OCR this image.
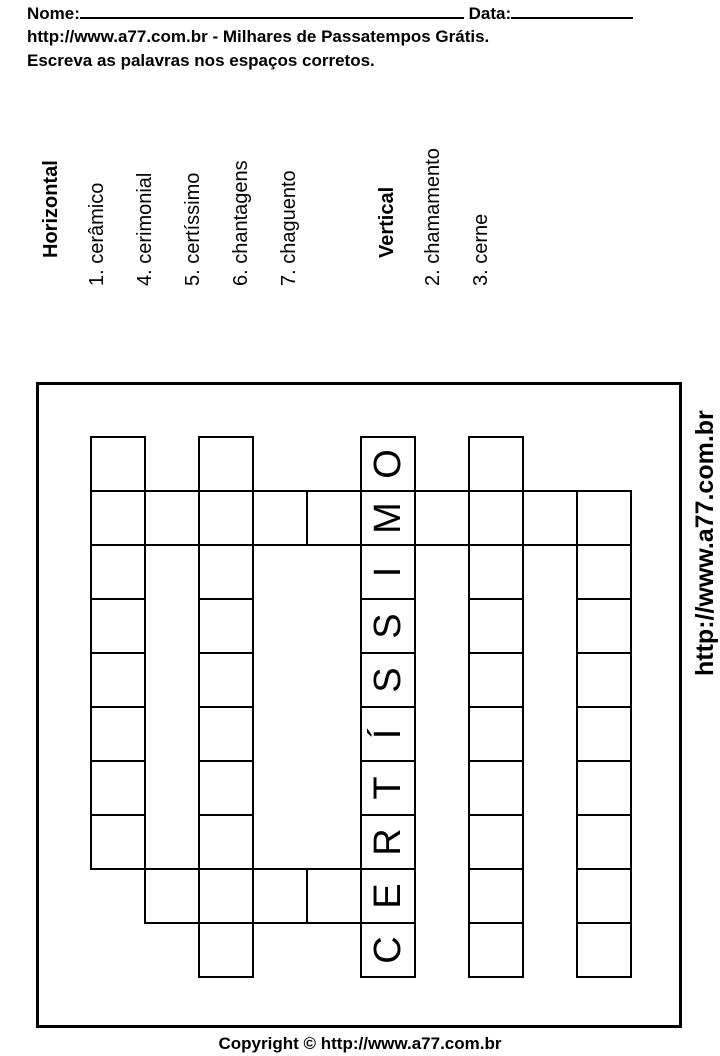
Nome:	Data:
http://www.a77.com.br - Milhares de Passatempos Grátis.
Escreva as palavras nos espaços corretos.
Horizontal 1. cerâmico 4. cerimonial 5. certíssimo 6. chantagens 7. chaguento	Vertical 2. chamamento 3. cerne
C
E
R
T
Í
S
S
I
M
O	http://www.a77.com.br
Copyright © http://www.a77.com.br
